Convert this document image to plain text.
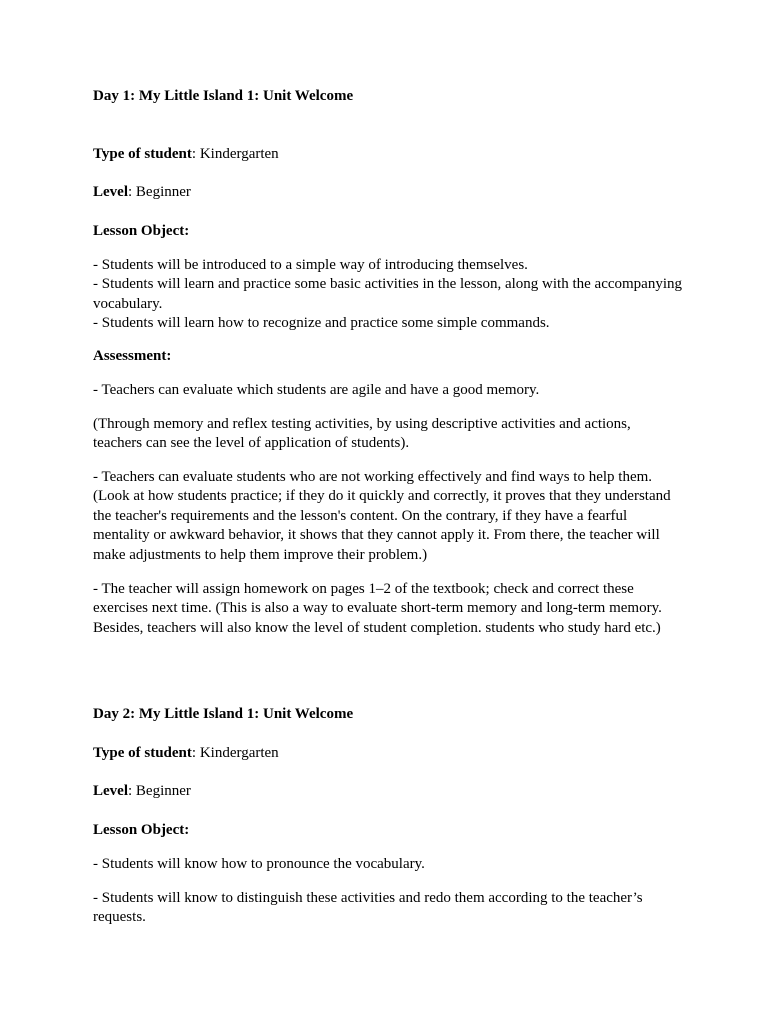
Day 1: My Little Island 1: Unit Welcome

Type of student: Kindergarten

Level: Beginner

Lesson Object:

- Students will be introduced to a simple way of introducing themselves.

- Students will learn and practice some basic activities in the lesson, along with the accompanying vocabulary.

- Students will learn how to recognize and practice some simple commands.

Assessment:

- Teachers can evaluate which students are agile and have a good memory.

(Through memory and reflex testing activities, by using descriptive activities and actions, teachers can see the level of application of students).

- Teachers can evaluate students who are not working effectively and find ways to help them. (Look at how students practice; if they do it quickly and correctly, it proves that they understand the teacher's requirements and the lesson's content. On the contrary, if they have a fearful mentality or awkward behavior, it shows that they cannot apply it. From there, the teacher will make adjustments to help them improve their problem.)

- The teacher will assign homework on pages 1–2 of the textbook; check and correct these exercises next time. (This is also a way to evaluate short-term memory and long-term memory. Besides, teachers will also know the level of student completion. students who study hard etc.)

Day 2: My Little Island 1: Unit Welcome

Type of student: Kindergarten

Level: Beginner

Lesson Object:

- Students will know how to pronounce the vocabulary.

- Students will know to distinguish these activities and redo them according to the teacher’s requests.
